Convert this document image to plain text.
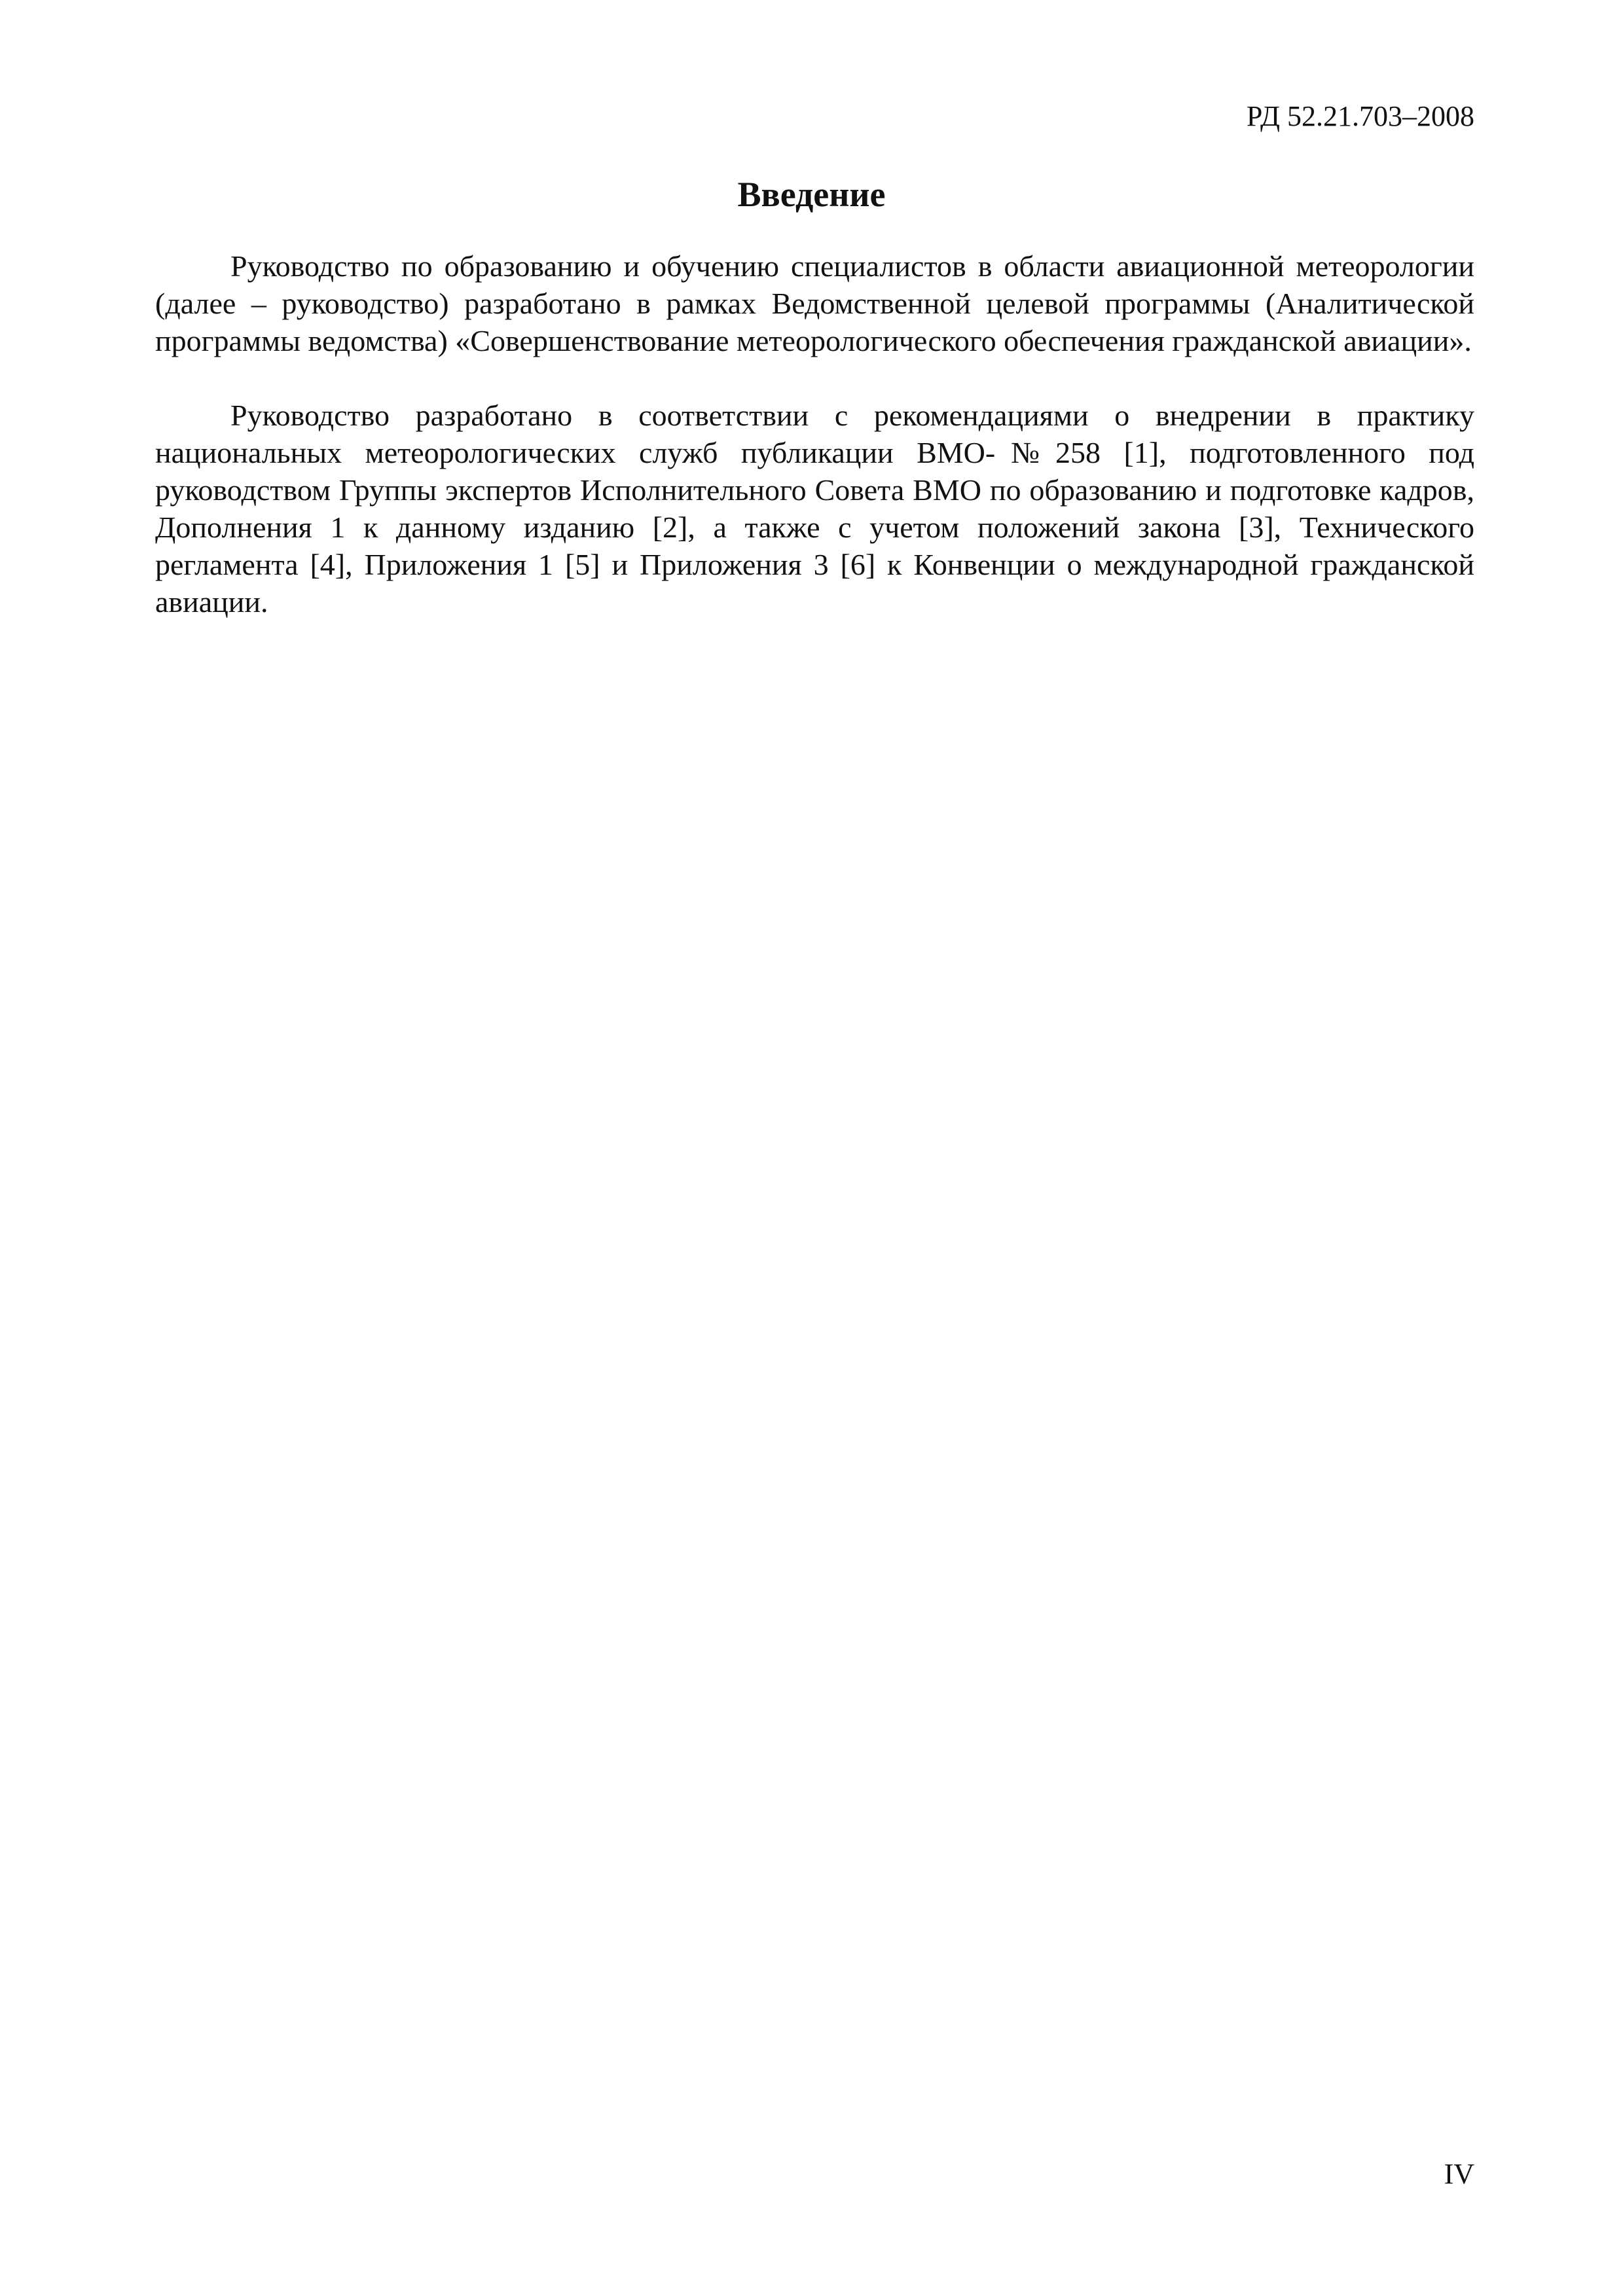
РД 52.21.703–2008
Введение

Руководство по образованию и обучению специалистов в области авиационной метеорологии (далее – руководство) разработано в рамках Ведомственной целевой программы (Аналитической программы ведомства) «Совершенствование метеорологического обеспечения гражданской авиации».

Руководство разработано в соответствии с рекомендациями о внедрении в практику национальных метеорологических служб публикации ВМО-№258 [1], подготовленного под руководством Группы экспертов Исполнительного Совета ВМО по образованию и подготовке кадров, Дополнения 1 к данному изданию [2], а также с учетом положений закона [3], Технического регламента [4], Приложения 1 [5] и Приложения 3 [6] к Конвенции о международной гражданской авиации.

IV
